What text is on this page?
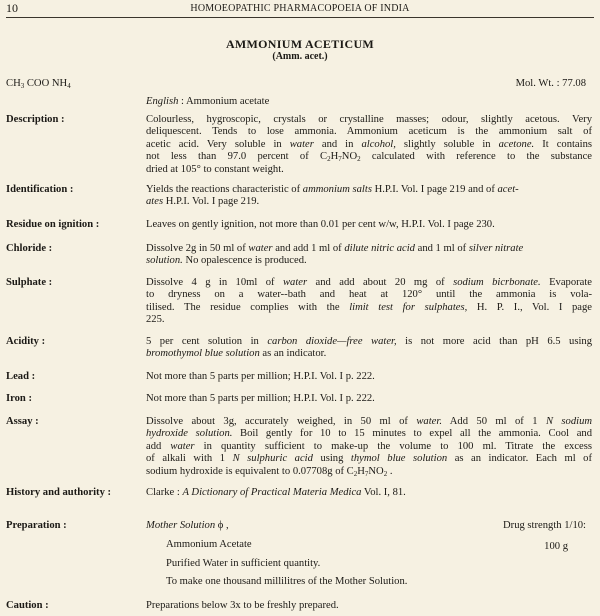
10	HOMOEOPATHIC PHARMACOPOEIA OF INDIA
AMMONIUM ACETICUM
(Amm. acet.)
$CH_3$ COO $NH_4$	Mol. Wt. : 77.08
English : Ammonium acetate
Description :	Colourless, hygroscopic, crystals or crystalline masses; odour, slightly acetous. Very
deliquescent. Tends to lose ammonia. Ammonium aceticum is the ammonium salt of
acetic acid. Very soluble in water and in alcohol, slightly soluble in acetone. It contains
not less than 97.0 percent of $C_2H_7NO_2$ calculated with reference to the substance
dried at 105° to constant weight.
Identification :	Yields the reactions characteristic of ammonium salts H.P.I. Vol. I page 219 and of acet-
ates H.P.I. Vol. I page 219.
Residue on ignition :	Leaves on gently ignition, not more than 0.01 per cent w/w, H.P.I. Vol. I page 230.
Chloride :	Dissolve 2g in 50 ml of water and add 1 ml of dilute nitric acid and 1 ml of silver nitrate
solution. No opalescence is produced.
Sulphate :	Dissolve 4 g in 10ml of water and add about 20 mg of sodium bicrbonate. Evaporate
to dryness on a water--bath and heat at 120° until the ammonia is vola-
tilised. The residue complies with the limit test for sulphates, H. P. I., Vol. I page
225.
Acidity :	5 per cent solution in carbon dioxide—free water, is not more acid than pH 6.5 using
bromothymol blue solution as an indicator.
Lead :	Not more than 5 parts per million; H.P.I. Vol. I p. 222.
Iron :	Not more than 5 parts per million; H.P.I. Vol. I p. 222.
Assay :	Dissolve about 3g, accurately weighed, in 50 ml of water. Add 50 ml of 1 N sodium
hydroxide solution. Boil gently for 10 to 15 minutes to expel all the ammonia. Cool and
add water in quantity sufficient to make-up the volume to 100 ml. Titrate the excess
of alkali with 1 N sulphuric acid using thymol blue solution as an indicator. Each ml of
sodium hydroxide is equivalent to 0.07708g of $C_2H_7NO_2$ .
History and authority :	Clarke : A Dictionary of Practical Materia Medica Vol. I, 81.
Preparation :	Mother Solution ϕ ,	Drug strength 1/10:
Ammonium Acetate	100 g
Purified Water in sufficient quantity.
To make one thousand millilitres of the Mother Solution.
Caution :	Preparations below 3x to be freshly prepared.
